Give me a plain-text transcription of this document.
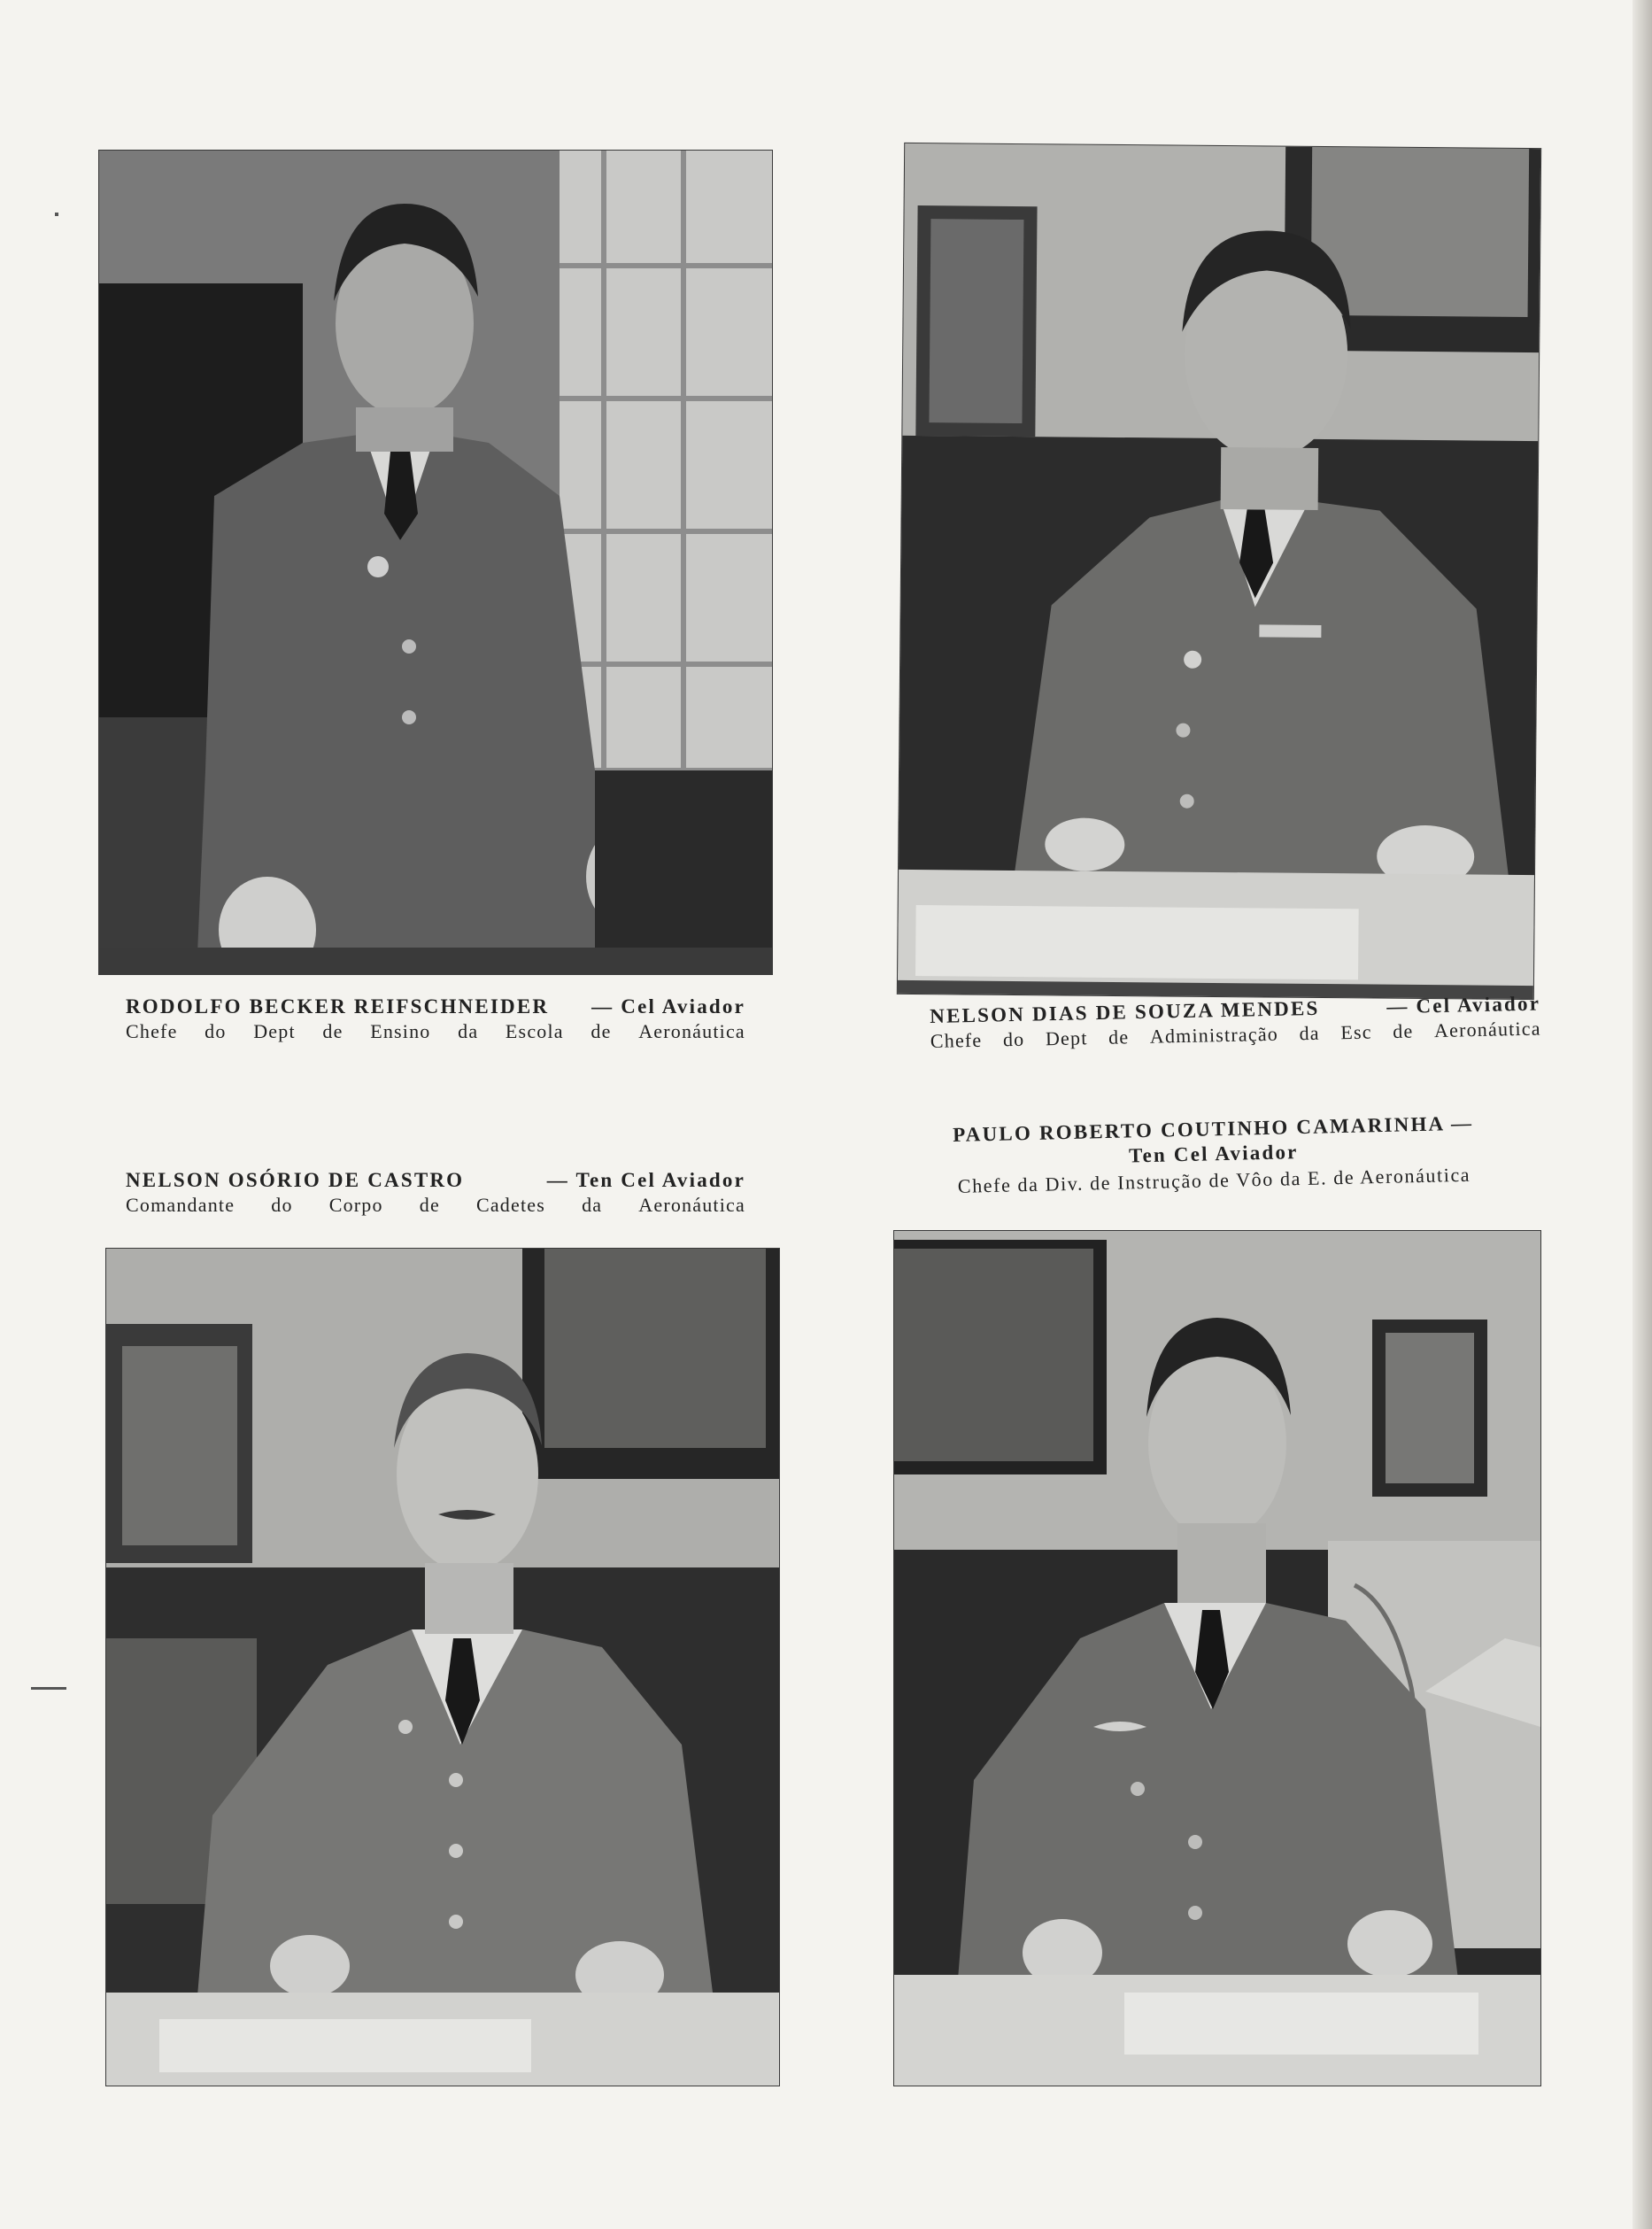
RODOLFO BECKER REIFSCHNEIDER — Cel Aviador
Chefe do Dept de Ensino da Escola de Aeronáutica
NELSON DIAS DE SOUZA MENDES	— Cel Aviador
Chefe do Dept de Administração da Esc de Aeronáutica
NELSON OSÓRIO DE CASTRO	— Ten Cel Aviador
Comandante do Corpo de Cadetes da Aeronáutica
PAULO ROBERTO COUTINHO CAMARINHA —
Ten Cel Aviador
Chefe da Div. de Instrução de Vôo da E. de Aeronáutica
